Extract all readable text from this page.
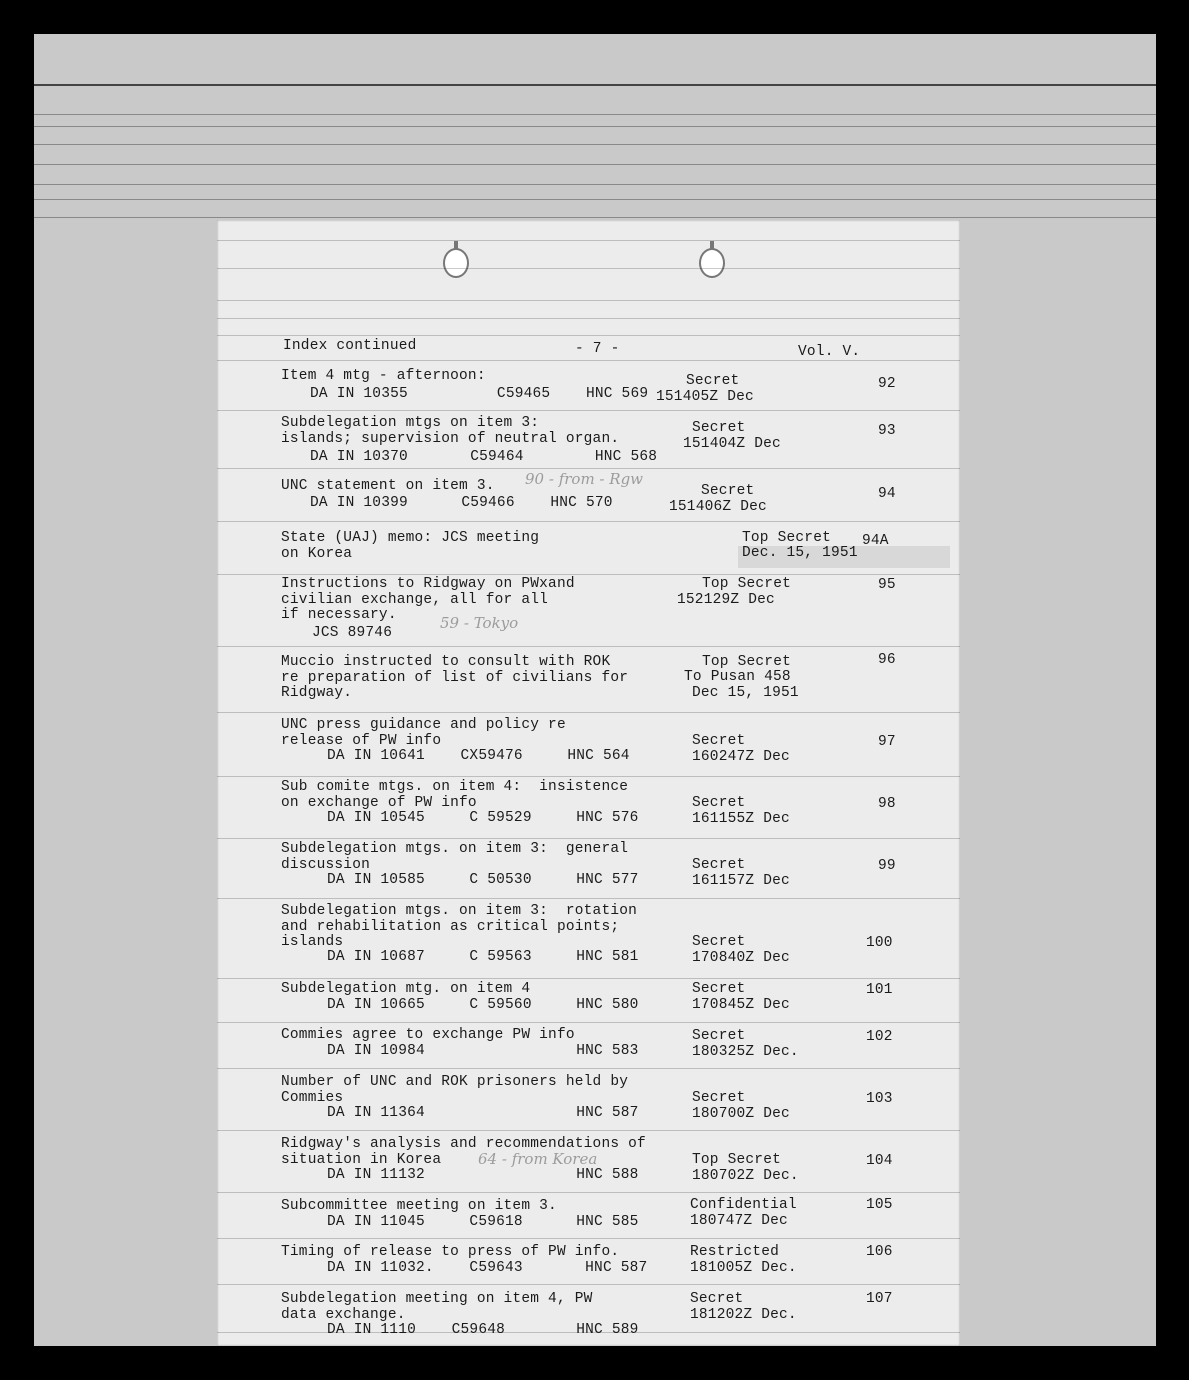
Index continued	- 7 -	Vol. V.
Item 4 mtg - afternoon:
DA IN 10355          C59465    HNC 569
Secret
151405Z Dec
92
Subdelegation mtgs on item 3:
islands; supervision of neutral organ.
DA IN 10370       C59464        HNC 568
Secret
151404Z Dec
93
UNC statement on item 3.
DA IN 10399      C59466    HNC 570
Secret
151406Z Dec
94
State (UAJ) memo: JCS meeting
on Korea
Top Secret
Dec. 15, 1951
94A
Instructions to Ridgway on PWxand
civilian exchange, all for all
if necessary.
JCS 89746
Top Secret
152129Z Dec
95
Muccio instructed to consult with ROK
re preparation of list of civilians for
Ridgway.
Top Secret
To Pusan 458
Dec 15, 1951
96
UNC press guidance and policy re
release of PW info
DA IN 10641    CX59476     HNC 564
Secret
160247Z Dec
97
Sub comite mtgs. on item 4:  insistence
on exchange of PW info
DA IN 10545     C 59529     HNC 576
Secret
161155Z Dec
98
Subdelegation mtgs. on item 3:  general
discussion
DA IN 10585     C 50530     HNC 577
Secret
161157Z Dec
99
Subdelegation mtgs. on item 3:  rotation
and rehabilitation as critical points;
islands
DA IN 10687     C 59563     HNC 581
Secret
170840Z Dec
100
Subdelegation mtg. on item 4
DA IN 10665     C 59560     HNC 580
Secret
170845Z Dec
101
Commies agree to exchange PW info
DA IN 10984                 HNC 583
Secret
180325Z Dec.
102
Number of UNC and ROK prisoners held by
Commies
DA IN 11364                 HNC 587
Secret
180700Z Dec
103
Ridgway's analysis and recommendations of
situation in Korea
DA IN 11132                 HNC 588
Top Secret
180702Z Dec.
104
Subcommittee meeting on item 3.
DA IN 11045     C59618      HNC 585
Confidential
180747Z Dec
105
Timing of release to press of PW info.
DA IN 11032.    C59643       HNC 587
Restricted
181005Z Dec.
106
Subdelegation meeting on item 4, PW
data exchange.
DA IN 1110    C59648        HNC 589
Secret
181202Z Dec.
107
90 - from - Rgw
59 - Tokyo
64 - from Korea
